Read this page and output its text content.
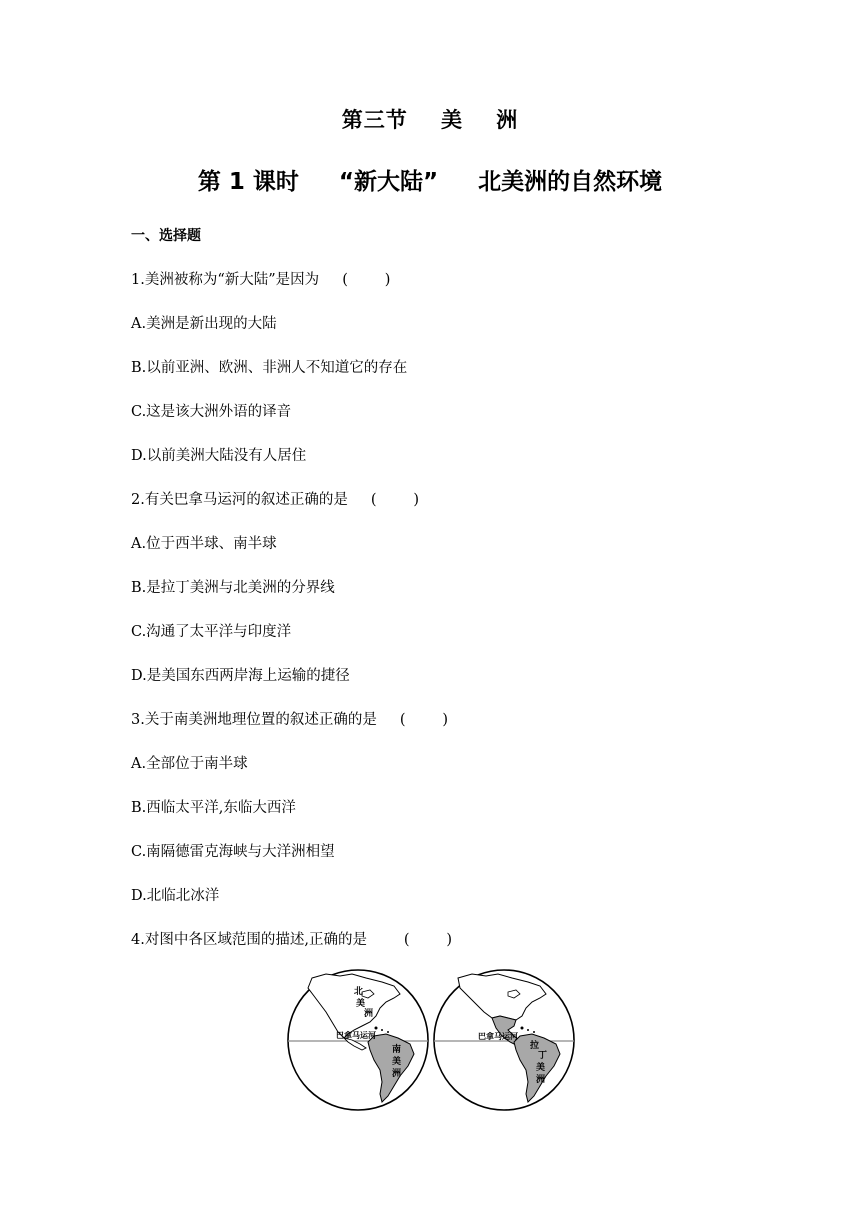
第三节    美    洲
第 1 课时     “新大陆”     北美洲的自然环境
一、选择题
1.美洲被称为“新大陆”是因为     (        )
A.美洲是新出现的大陆
B.以前亚洲、欧洲、非洲人不知道它的存在
C.这是该大洲外语的译音
D.以前美洲大陆没有人居住
2.有关巴拿马运河的叙述正确的是     (        )
A.位于西半球、南半球
B.是拉丁美洲与北美洲的分界线
C.沟通了太平洋与印度洋
D.是美国东西两岸海上运输的捷径
3.关于南美洲地理位置的叙述正确的是     (        )
A.全部位于南半球
B.西临太平洋,东临大西洋
C.南隔德雷克海峡与大洋洲相望
D.北临北冰洋
4.对图中各区域范围的描述,正确的是        (        )
北
美
洲
巴拿马运河
南
美
洲
巴拿马运河
拉
丁
美
洲
